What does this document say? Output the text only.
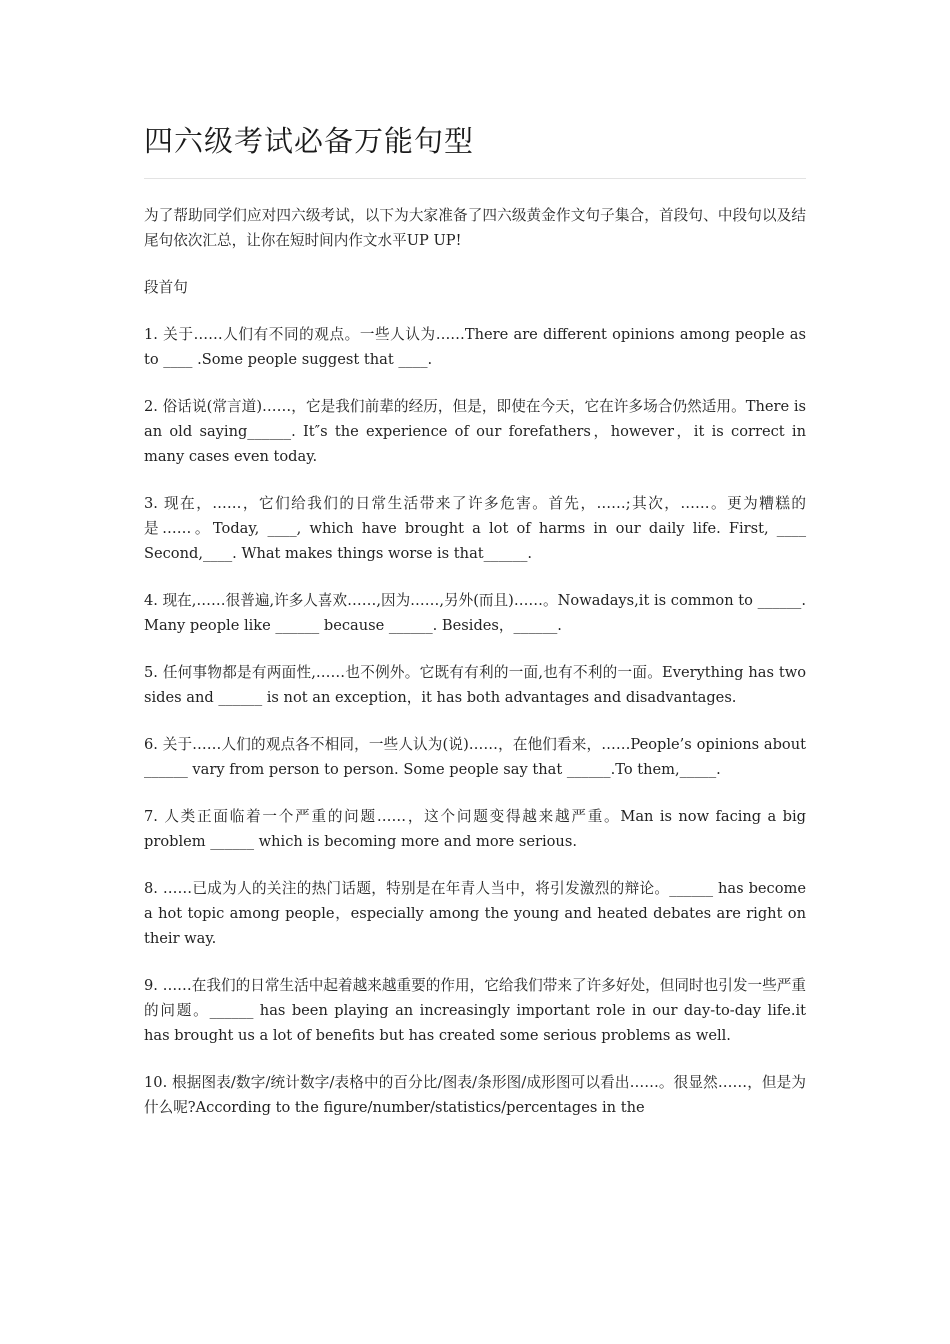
四六级考试必备万能句型

为了帮助同学们应对四六级考试，以下为大家准备了四六级黄金作文句子集合，首段句、中段句以及结尾句依次汇总，让你在短时间内作文水平UP UP!

段首句

1. 关于……人们有不同的观点。一些人认为……There are different opinions among people as to ____ .Some people suggest that ____.

2. 俗话说(常言道)……，它是我们前辈的经历，但是，即使在今天，它在许多场合仍然适用。There is an old saying______. It″s the experience of our forefathers，however，it is correct in many cases even today.

3. 现在，……，它们给我们的日常生活带来了许多危害。首先，……;其次，……。更为糟糕的是……。Today, ____, which have brought a lot of harms in our daily life. First, ____ Second,____. What makes things worse is that______.

4. 现在,……很普遍,许多人喜欢……,因为……,另外(而且)……。Nowadays,it is common to ______. Many people like ______ because ______. Besides，______.

5. 任何事物都是有两面性,……也不例外。它既有有利的一面,也有不利的一面。Everything has two sides and ______ is not an exception，it has both advantages and disadvantages.

6. 关于……人们的观点各不相同，一些人认为(说)……，在他们看来，……People’s opinions about ______ vary from person to person. Some people say that ______.To them,_____.

7. 人类正面临着一个严重的问题……，这个问题变得越来越严重。Man is now facing a big problem ______ which is becoming more and more serious.

8. ……已成为人的关注的热门话题，特别是在年青人当中，将引发激烈的辩论。______ has become a hot topic among people，especially among the young and heated debates are right on their way.

9. ……在我们的日常生活中起着越来越重要的作用，它给我们带来了许多好处，但同时也引发一些严重的问题。______ has been playing an increasingly important role in our day-to-day life.it has brought us a lot of benefits but has created some serious problems as well.

10. 根据图表/数字/统计数字/表格中的百分比/图表/条形图/成形图可以看出……。很显然……，但是为什么呢?According to the figure/number/statistics/percentages in the
